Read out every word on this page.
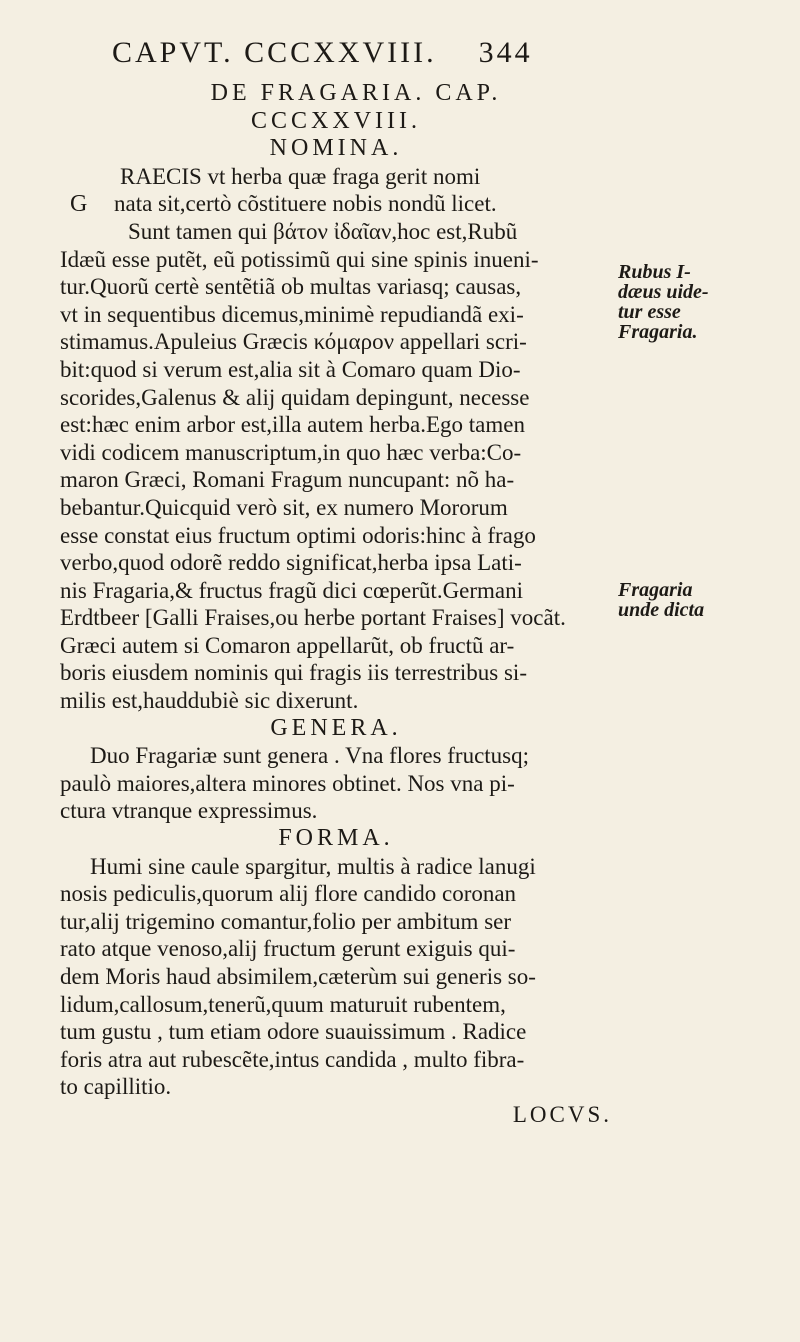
CAPVT. CCCXXVIII. 344
DE FRAGARIA. CAP.
CCCXXVIII.
NOMINA.
RAECIS vt herba quæ fraga gerit nomi
G nata sit,certò cõstituere nobis nondũ licet.
Sunt tamen qui βάτον ἰδαῖαν,hoc est,Rubũ
Idæũ esse putẽt, eũ potissimũ qui sine spinis inueni-
tur.Quorũ certè sentẽtiã ob multas variasq; causas,
vt in sequentibus dicemus,minimè repudiandã exi-
stimamus.Apuleius Græcis κόμαρον appellari scri-
bit:quod si verum est,alia sit à Comaro quam Dio-
scorides,Galenus & alij quidam depingunt, necesse
est:hæc enim arbor est,illa autem herba.Ego tamen
vidi codicem manuscriptum,in quo hæc verba:Co-
maron Græci, Romani Fragum nuncupant: nõ ha-
bebantur.Quicquid verò sit, ex numero Mororum
esse constat eius fructum optimi odoris:hinc à frago
verbo,quod odorẽ reddo significat,herba ipsa Lati-
nis Fragaria,& fructus fragũ dici cœperũt.Germani
Erdtbeer [Galli Fraises,ou herbe portant Fraises] vocãt.
Græci autem si Comaron appellarũt, ob fructũ ar-
boris eiusdem nominis qui fragis iis terrestribus si-
milis est,hauddubiè sic dixerunt.
GENERA.
Duo Fragariæ sunt genera . Vna flores fructusq;
paulò maiores,altera minores obtinet. Nos vna pi-
ctura vtranque expressimus.
FORMA.
Humi sine caule spargitur, multis à radice lanugi
nosis pediculis,quorum alij flore candido coronan
tur,alij trigemino comantur,folio per ambitum ser
rato atque venoso,alij fructum gerunt exiguis qui-
dem Moris haud absimilem,cæterùm sui generis so-
lidum,callosum,tenerũ,quum maturuit rubentem,
tum gustu , tum etiam odore suauissimum . Radice
foris atra aut rubescẽte,intus candida , multo fibra-
to capillitio.
LOCVS.
Rubus I-
dæus uide-
tur esse
Fragaria.
Fragaria
unde dicta
